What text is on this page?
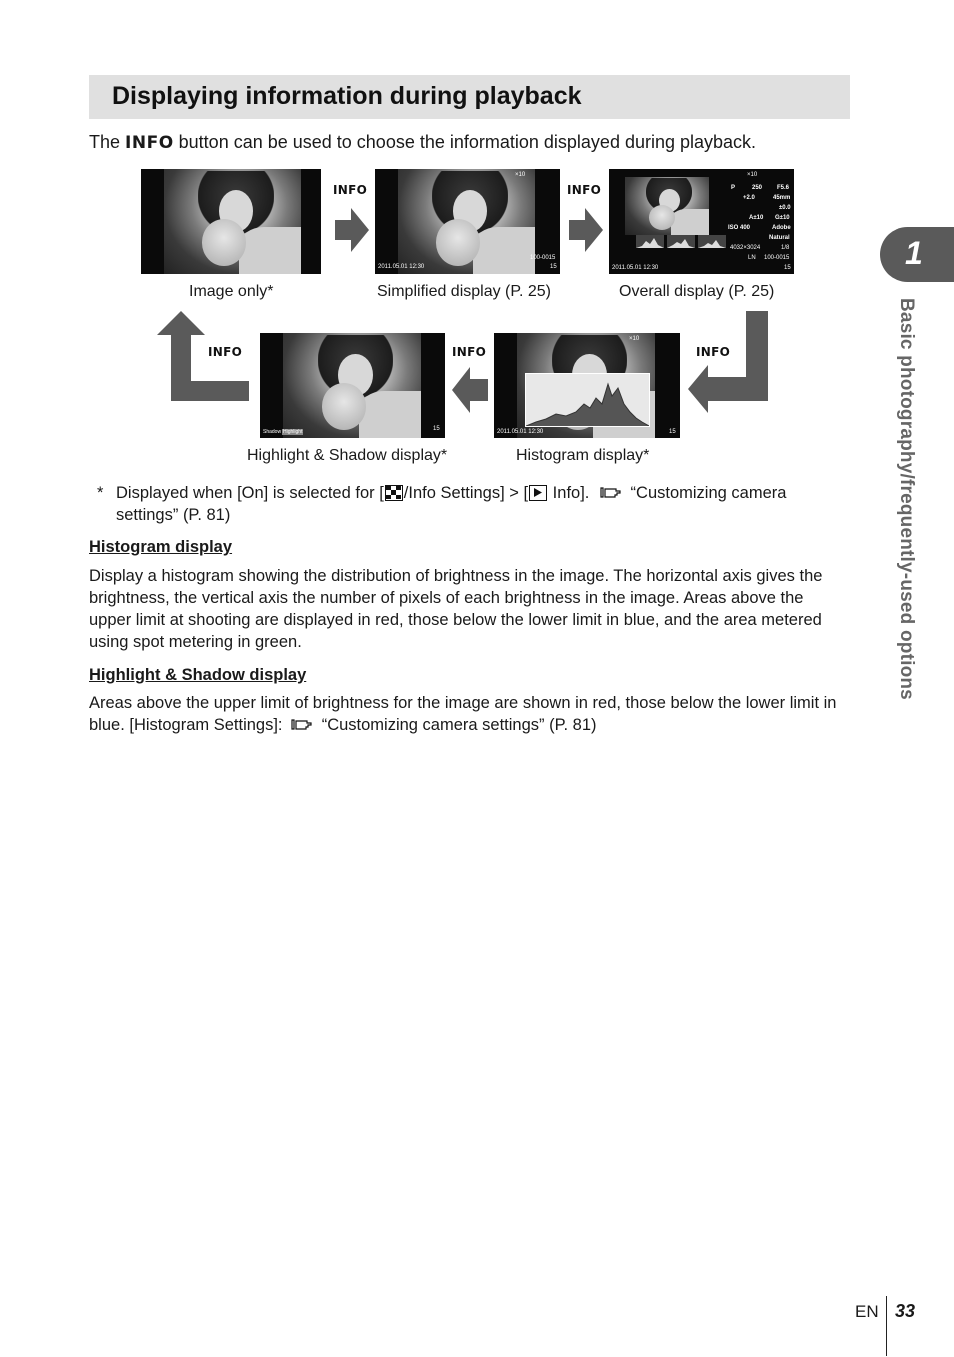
Displaying information during playback
The INFO button can be used to choose the information displayed during playback.
Image only*
INFO
×10
2011.05.01 12:30
100-0015
15
Simplified display (P. 25)
INFO
×10
P	250 F5.6
+2.0	45mm
±0.0
A±10 G±10
ISO 400	Adobe
Natural
4032×3024	1/8
LN 100-0015
2011.05.01 12:30	15
Overall display (P. 25)
INFO
×10
2011.05.01 12:30	15
Histogram display*
INFO
Shadow Highlight	15
Highlight & Shadow display*
INFO
* Displayed when [On] is selected for [ /Info Settings] > [
Info].  “Customizing camera settings” (P. 81)
Histogram display
Display a histogram showing the distribution of brightness in the image. The horizontal axis gives the brightness, the vertical axis the number of pixels of each brightness in the image. Areas above the upper limit at shooting are displayed in red, those below the lower limit in blue, and the area metered using spot metering in green.
Highlight & Shadow display
Areas above the upper limit of brightness for the image are shown in red, those below the lower limit in blue. [Histogram Settings]:  “Customizing camera settings” (P. 81)
1
Basic photography/frequently-used options
EN 33
